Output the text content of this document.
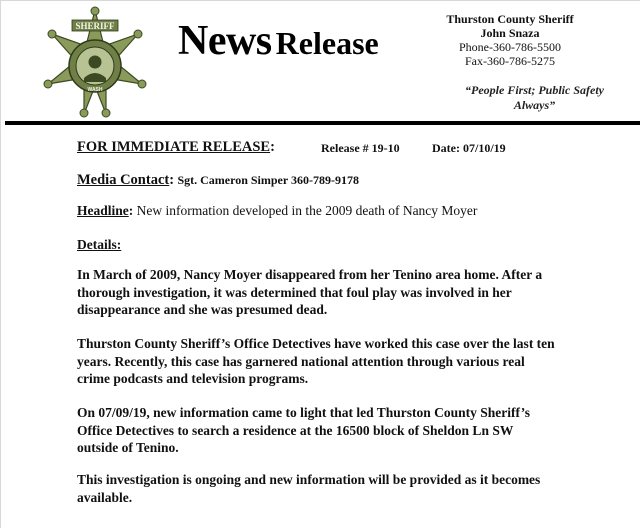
SHERIFF
WASH
News Release
Thurston County Sheriff
John Snaza
Phone-360-786-5500
Fax-360-786-5275
“People First; Public Safety Always”
FOR IMMEDIATE RELEASE:	Release # 19-10	Date: 07/10/19
Media Contact: Sgt. Cameron Simper 360-789-9178
Headline: New information developed in the 2009 death of Nancy Moyer
Details:
In March of 2009, Nancy Moyer disappeared from her Tenino area home. After a thorough investigation, it was determined that foul play was involved in her disappearance and she was presumed dead.
Thurston County Sheriff’s Office Detectives have worked this case over the last ten years. Recently, this case has garnered national attention through various real crime podcasts and television programs.
On 07/09/19, new information came to light that led Thurston County Sheriff’s Office Detectives to search a residence at the 16500 block of Sheldon Ln SW outside of Tenino.
This investigation is ongoing and new information will be provided as it becomes available.
